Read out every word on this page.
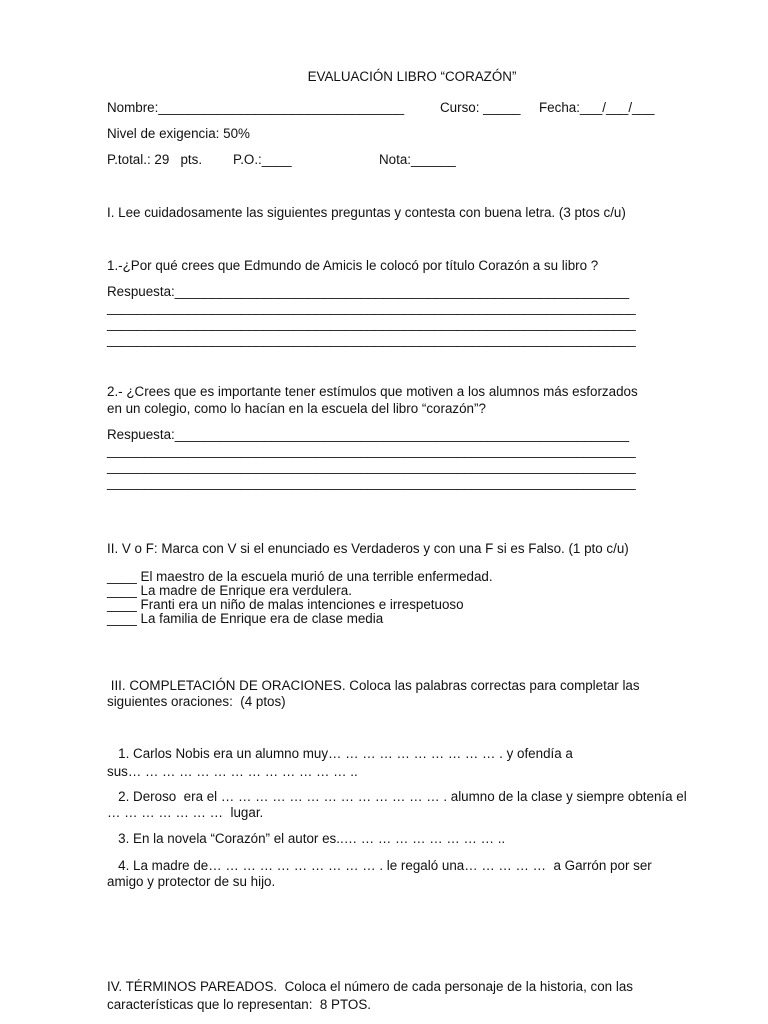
EVALUACIÓN LIBRO “CORAZÓN”
Nombre:_________________________________	Curso: _____ Fecha:___/___/___
Nivel de exigencia: 50%
P.total.: 29   pts. P.O.:____	Nota:______
I. Lee cuidadosamente las siguientes preguntas y contesta con buena letra. (3 ptos c/u)
1.-¿Por qué crees que Edmundo de Amicis le colocó por título Corazón a su libro ?
Respuesta:_____________________________________________________________
_______________________________________________________________________
_______________________________________________________________________
_______________________________________________________________________
2.- ¿Crees que es importante tener estímulos que motiven a los alumnos más esforzados
en un colegio, como lo hacían en la escuela del libro “corazón”?
Respuesta:_____________________________________________________________
_______________________________________________________________________
_______________________________________________________________________
_______________________________________________________________________
II. V o F: Marca con V si el enunciado es Verdaderos y con una F si es Falso. (1 pto c/u)
____ El maestro de la escuela murió de una terrible enfermedad.
____ La madre de Enrique era verdulera.
____ Franti era un niño de malas intenciones e irrespetuoso
____ La familia de Enrique era de clase media
III. COMPLETACIÓN DE ORACIONES. Coloca las palabras correctas para completar las
siguientes oraciones:  (4 ptos)
1. Carlos Nobis era un alumno muy… … … … … … … … … … . y ofendía a
sus… … … … … … … … … … … … … ..
2. Deroso  era el … … … … … … … … … … … … … . alumno de la clase y siempre obtenía el
… … … … … … …  lugar.
3. En la novela “Corazón” el autor es..… … … … … … … … … ..
4. La madre de… … … … … … … … … … . le regaló una… … … … …  a Garrón por ser
amigo y protector de su hijo.
IV. TÉRMINOS PAREADOS.  Coloca el número de cada personaje de la historia, con las
características que lo representan:  8 PTOS.
